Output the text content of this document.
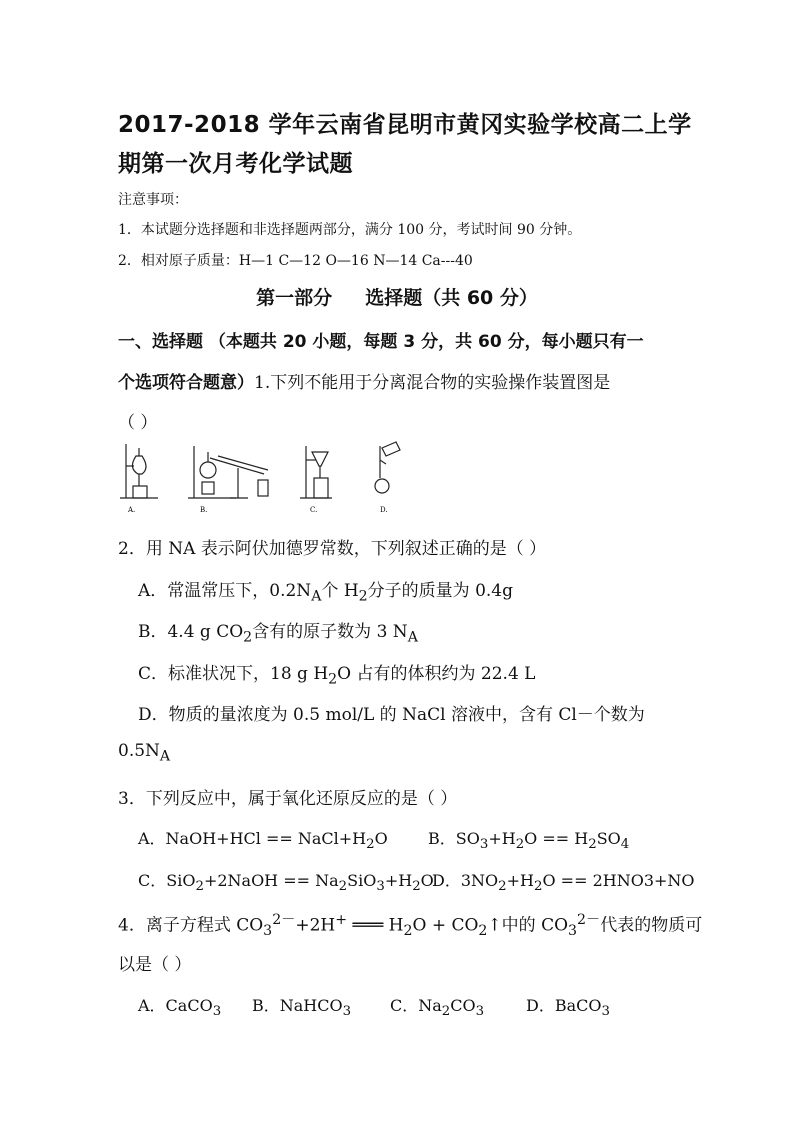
2017-2018 学年云南省昆明市黄冈实验学校高二上学
期第一次月考化学试题
注意事项：
1．本试题分选择题和非选择题两部分，满分 100 分，考试时间 90 分钟。
2．相对原子质量：H—1 C—12 O—16 N—14 Ca---40
第一部分     选择题（共 60 分）
一、选择题 （本题共 20 小题，每题 3 分，共 60 分，每小题只有一
个选项符合题意）1.下列不能用于分离混合物的实验操作装置图是
（ ）
A.	B.	C.	D.
2．用 NA 表示阿伏加德罗常数，下列叙述正确的是（ ）
A．常温常压下，$0.2N_A$个 $H_2$分子的质量为 0.4g
B．4.4 g $CO_2$含有的原子数为 3 $N_A$
C．标准状况下，18 g $H_2O$ 占有的体积约为 22.4 L
D．物质的量浓度为 0.5 mol/L 的 NaCl 溶液中，含有 Cl－个数为
$0.5N_A$
3．下列反应中，属于氧化还原反应的是（ ）
A．NaOH+HCl == $NaCl+H_2O$	B．$SO_3+H_2O == H_2SO_4$
C．SiO$_2$+2NaOH == $Na_2SiO_3+H_2O$
D．$3NO_2+H_2O == 2HNO3+NO$
4．离子方程式 $CO_3^{2-}+2H^+$ ═══ $H_2O$ + $CO_2↑$中的 $CO_3^{2-}$代表的物质可
以是（ ）
A．CaCO$_3$ B．NaHCO$_3$ C．$Na_2CO_3$	D．BaCO$_3$
